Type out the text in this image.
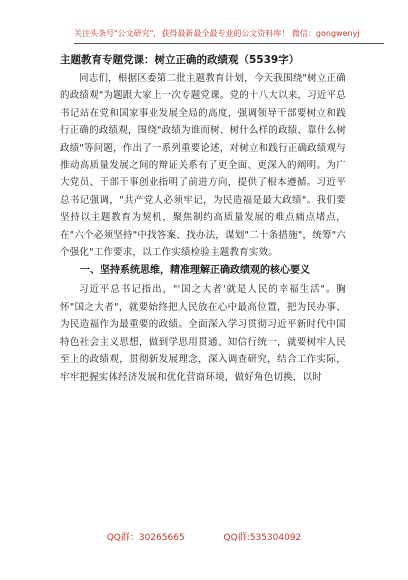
关注头条号"公文研究"，获得最新最全最专业的公文资料库！ 微信：gongwenyj
主题教育专题党课：树立正确的政绩观（5539字）

同志们，根据区委第二批主题教育计划，今天我围绕"树立正确的政绩观"为题跟大家上一次专题党课。党的十八大以来，习近平总书记站在党和国家事业发展全局的高度，强调领导干部要树立和践行正确的政绩观，围绕"政绩为谁而树、树什么样的政绩、靠什么树政绩"等问题，作出了一系列重要论述，对树立和践行正确政绩观与推动高质量发展之间的辩证关系有了更全面、更深入的阐明。为广大党员、干部干事创业指明了前进方向，提供了根本遵循。习近平总书记强调，"共产党人必须牢记，为民造福是最大政绩"。我们要坚持以主题教育为契机，聚焦制约高质量发展的难点痛点堵点，在"六个必须坚持"中找答案、找办法，谋划"二十条措施"，统筹"六个强化"工作要求，以工作实绩检验主题教育实效。

一、坚持系统思维，精准理解正确政绩观的核心要义

习近平总书记指出，"'国之大者'就是人民的幸福生活"。胸怀"国之大者"，就要始终把人民放在心中最高位置，把为民办事、为民造福作为最重要的政绩。全面深入学习贯彻习近平新时代中国特色社会主义思想，做到学思用贯通、知信行统一，就要树牢人民至上的政绩观，贯彻新发展理念，深入调查研究，结合工作实际，牢牢把握实体经济发展和优化营商环境，做好角色切换，以时

QQ群：30265665	QQ群:535304092
